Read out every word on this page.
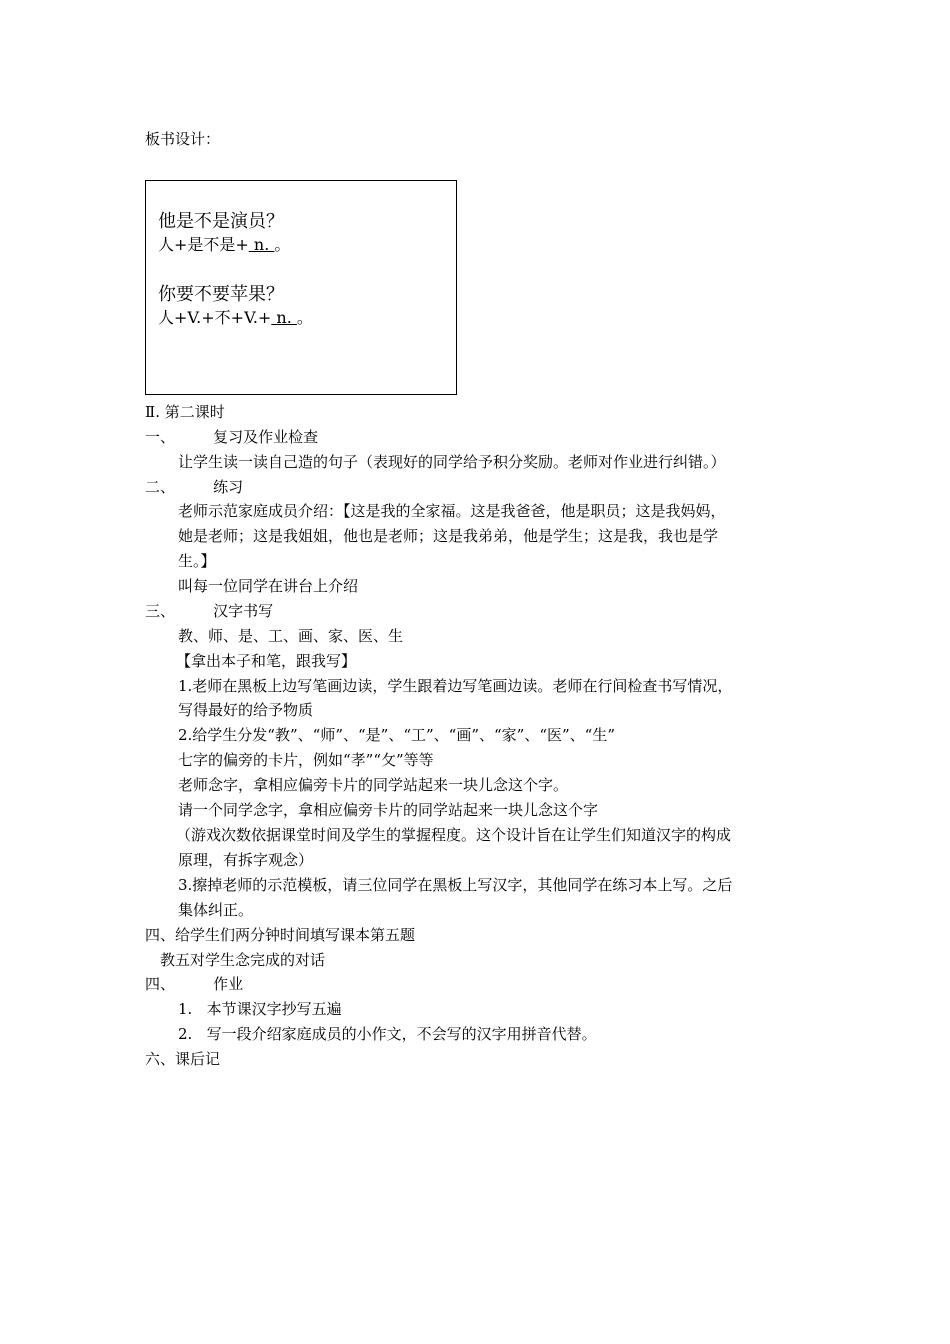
板书设计：
他是不是演员？
人+是不是+ n. 。
你要不要苹果？
人+V.+不+V.+ n. 。
Ⅱ. 第二课时
一、        复习及作业检查
让学生读一读自己造的句子（表现好的同学给予积分奖励。老师对作业进行纠错。）
二、        练习
老师示范家庭成员介绍：【这是我的全家福。这是我爸爸，他是职员；这是我妈妈，
她是老师；这是我姐姐，他也是老师；这是我弟弟，他是学生；这是我，我也是学
生。】
叫每一位同学在讲台上介绍
三、        汉字书写
教、师、是、工、画、家、医、生
【拿出本子和笔，跟我写】
1.老师在黑板上边写笔画边读，学生跟着边写笔画边读。老师在行间检查书写情况，
写得最好的给予物质
2.给学生分发“教”、“师”、“是”、“工”、“画”、“家”、“医”、“生”
七字的偏旁的卡片，例如“孝”“攵”等等
老师念字，拿相应偏旁卡片的同学站起来一块儿念这个字。
请一个同学念字，拿相应偏旁卡片的同学站起来一块儿念这个字
（游戏次数依据课堂时间及学生的掌握程度。这个设计旨在让学生们知道汉字的构成
原理，有拆字观念）
3.擦掉老师的示范模板，请三位同学在黑板上写汉字，其他同学在练习本上写。之后
集体纠正。
四、给学生们两分钟时间填写课本第五题
教五对学生念完成的对话
四、        作业
1.   本节课汉字抄写五遍
2.   写一段介绍家庭成员的小作文，不会写的汉字用拼音代替。
六、课后记
